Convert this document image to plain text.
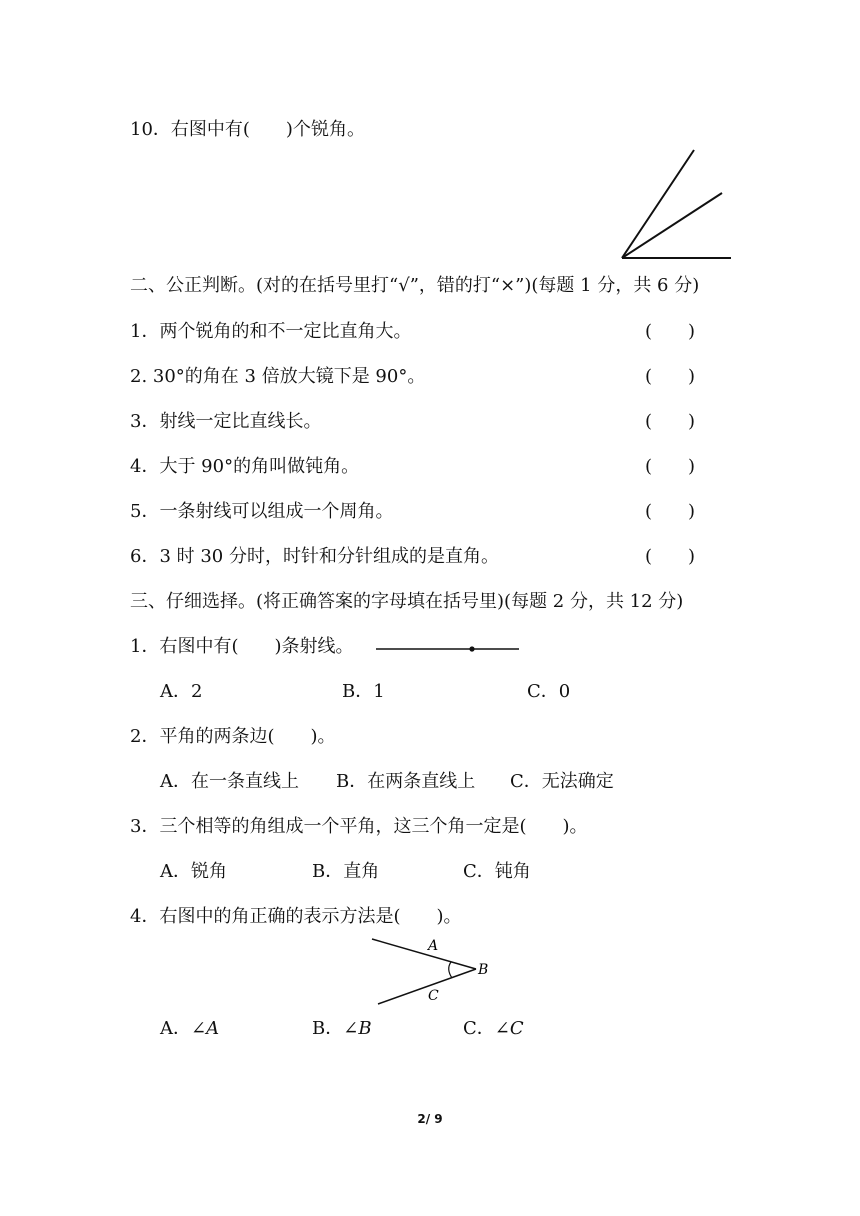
10．右图中有(　　)个锐角。
二、公正判断。(对的在括号里打“√”，错的打“×”)(每题 1 分，共 6 分)
1．两个锐角的和不一定比直角大。	(　　)
2. 30°的角在 3 倍放大镜下是 90°。	(　　)
3．射线一定比直线长。	(　　)
4．大于 90°的角叫做钝角。	(　　)
5．一条射线可以组成一个周角。	(　　)
6．3 时 30 分时，时针和分针组成的是直角。	(　　)
三、仔细选择。(将正确答案的字母填在括号里)(每题 2 分，共 12 分)
1．右图中有(　　)条射线。
A．2	B．1	C．0
2．平角的两条边(　　)。
A．在一条直线上 B．在两条直线上 C．无法确定
3．三个相等的角组成一个平角，这三个角一定是(　　)。
A．锐角	B．直角	C．钝角
4．右图中的角正确的表示方法是(　　)。
A
B
C
A．∠A	B．∠B	C．∠C
2/ 9
